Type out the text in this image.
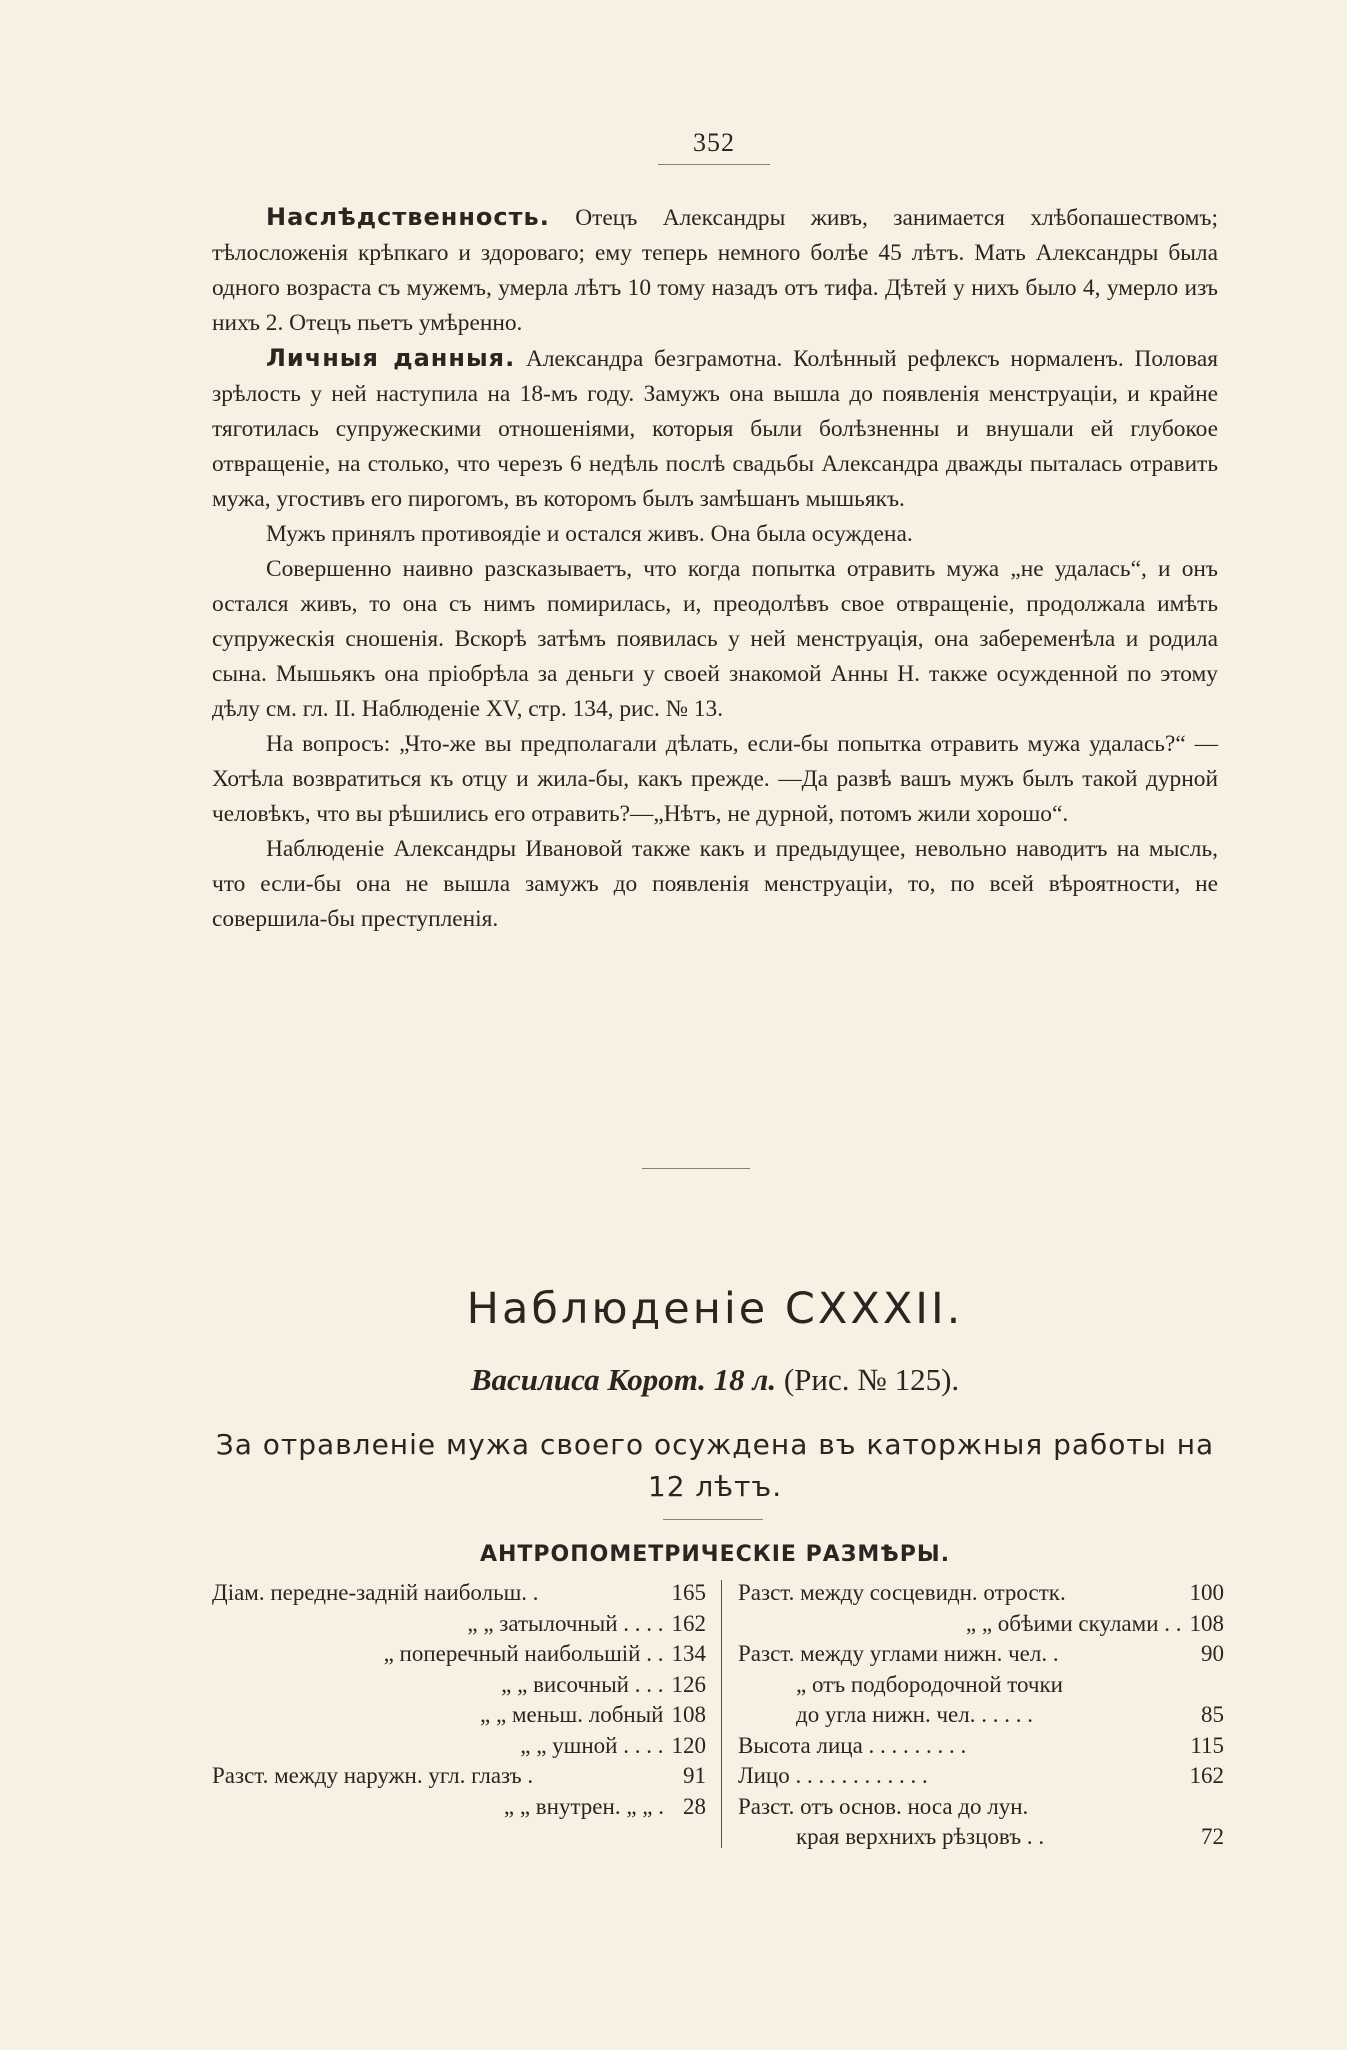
352

Наслѣдственность. Отецъ Александры живъ, занимается хлѣбопашествомъ; тѣлосложенія крѣпкаго и здороваго; ему теперь немного болѣе 45 лѣтъ. Мать Александры была одного возраста съ мужемъ, умерла лѣтъ 10 тому назадъ отъ тифа. Дѣтей у нихъ было 4, умерло изъ нихъ 2. Отецъ пьетъ умѣренно.

Личныя данныя. Александра безграмотна. Колѣнный рефлексъ нормаленъ. Половая зрѣлость у ней наступила на 18-мъ году. Замужъ она вышла до появленія менструаціи, и крайне тяготилась супружескими отношеніями, которыя были болѣзненны и внушали ей глубокое отвращеніе, на столько, что черезъ 6 недѣль послѣ свадьбы Александра дважды пыталась отравить мужа, угостивъ его пирогомъ, въ которомъ былъ замѣшанъ мышьякъ.

Мужъ принялъ противоядіе и остался живъ. Она была осуждена.

Совершенно наивно разсказываетъ, что когда попытка отравить мужа „не удалась“, и онъ остался живъ, то она съ нимъ помирилась, и, преодолѣвъ свое отвращеніе, продолжала имѣть супружескія сношенія. Вскорѣ затѣмъ появилась у ней менструація, она забеременѣла и родила сына. Мышьякъ она пріобрѣла за деньги у своей знакомой Анны Н. также осужденной по этому дѣлу см. гл. II. Наблюденіе XV, стр. 134, рис. № 13.

На вопросъ: „Что-же вы предполагали дѣлать, если-бы попытка отравить мужа удалась?“ — Хотѣла возвратиться къ отцу и жила-бы, какъ прежде. —Да развѣ вашъ мужъ былъ такой дурной человѣкъ, что вы рѣшились его отравить?—„Нѣтъ, не дурной, потомъ жили хорошо“.

Наблюденіе Александры Ивановой также какъ и предыдущее, невольно наводитъ на мысль, что если-бы она не вышла замужъ до появленія менструаціи, то, по всей вѣроятности, не совершила-бы преступленія.

Наблюденіе CXXXII.
Василиса Корот. 18 л. (Рис. № 125).
За отравленіе мужа своего осуждена въ каторжныя работы на 12 лѣтъ.
АНТРОПОМЕТРИЧЕСКІЕ РАЗМѢРЫ.
Діам. передне-задній наибольш. .	165
„ „ затылочный . . . . 162
„ поперечный наибольшій . . 134
„ „ височный . . . 126
„ „ меньш. лобный 108
„ „ ушной . . . . 120
Разст. между наружн. угл. глазъ .	91
„ „ внутрен. „ „ . 28
Разст. между сосцевидн. отростк.	100
„ „ обѣими скулами . . 108
Разст. между углами нижн. чел. .	90
„ отъ подбородочной точки
до угла нижн. чел. . . . . .	85
Высота лица . . . . . . . . .	115
Лицо . . . . . . . . . . . .	162
Разст. отъ основ. носа до лун.
края верхнихъ рѣзцовъ . .	72
